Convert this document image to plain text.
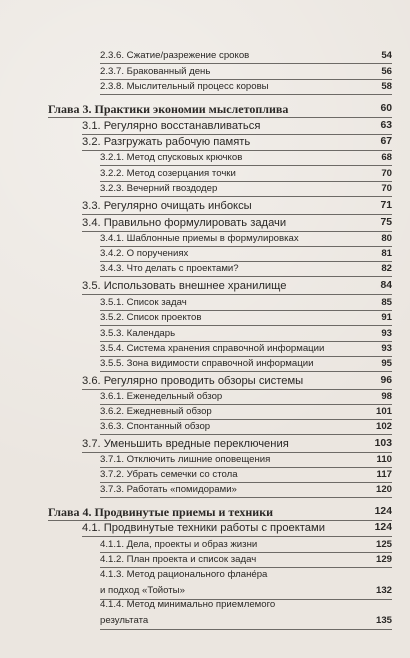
2.3.6. Сжатие/разрежение сроков	54
2.3.7. Бракованный день	56
2.3.8. Мыслительный процесс коровы	58
Глава 3. Практики экономии мыслетоплива	60
3.1. Регулярно восстанавливаться	63
3.2. Разгружать рабочую память	67
3.2.1. Метод спусковых крючков	68
3.2.2. Метод созерцания точки	70
3.2.3. Вечерний гвоздодер	70
3.3. Регулярно очищать инбоксы	71
3.4. Правильно формулировать задачи	75
3.4.1. Шаблонные приемы в формулировках	80
3.4.2. О поручениях	81
3.4.3. Что делать с проектами?	82
3.5. Использовать внешнее хранилище	84
3.5.1. Список задач	85
3.5.2. Список проектов	91
3.5.3. Календарь	93
3.5.4. Система хранения справочной информации	93
3.5.5. Зона видимости справочной информации	95
3.6. Регулярно проводить обзоры системы	96
3.6.1. Еженедельный обзор	98
3.6.2. Ежедневный обзор	101
3.6.3. Спонтанный обзор	102
3.7. Уменьшить вредные переключения	103
3.7.1. Отключить лишние оповещения	110
3.7.2. Убрать семечки со стола	117
3.7.3. Работать «помидорами»	120
Глава 4. Продвинутые приемы и техники	124
4.1. Продвинутые техники работы с проектами	124
4.1.1. Дела, проекты и образ жизни	125
4.1.2. План проекта и список задач	129
4.1.3. Метод рационального флане́ра
и подход «Тойоты»	132
4.1.4. Метод минимально приемлемого
результата	135
